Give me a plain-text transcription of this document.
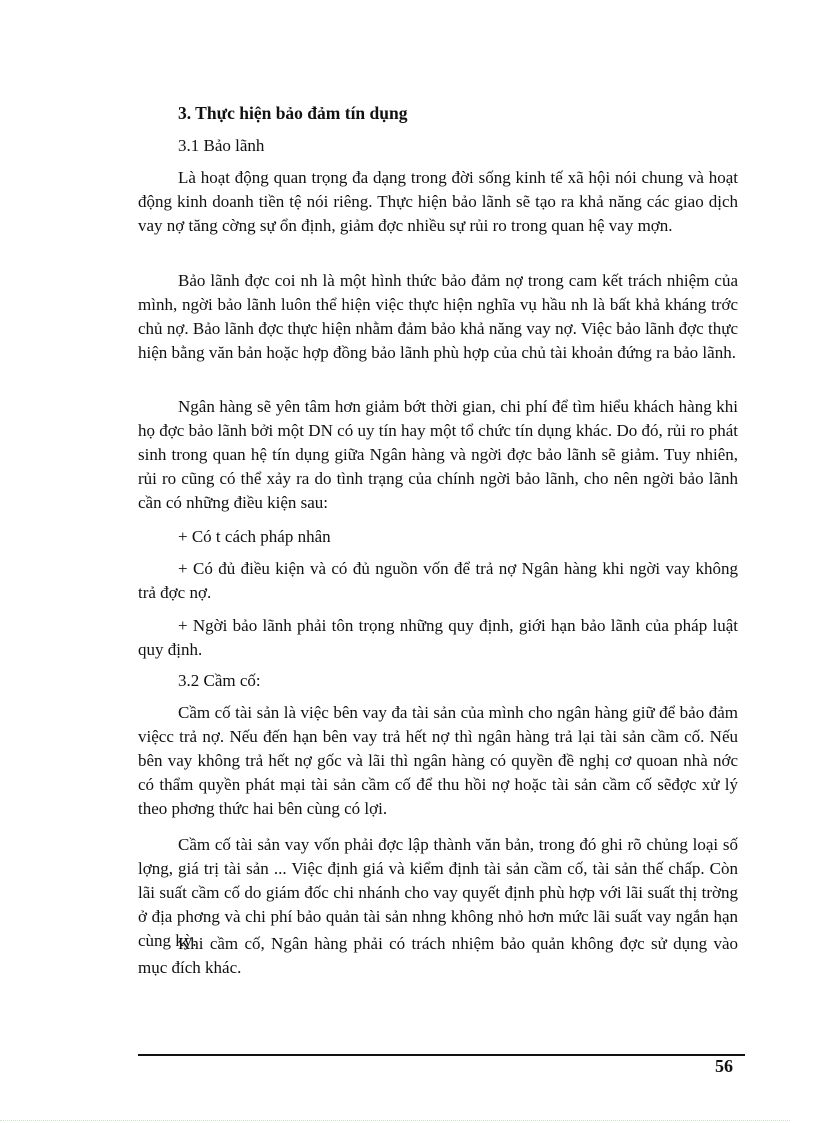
3. Thực hiện bảo đảm tín dụng

3.1 Bảo lãnh

Là hoạt động quan trọng đa dạng trong đời sống kinh tế xã hội nói chung và hoạt động kinh doanh tiền tệ nói riêng. Thực hiện bảo lãnh sẽ tạo ra khả năng các giao dịch vay nợ tăng cờng sự ổn định, giảm đợc nhiều sự rủi ro trong quan hệ vay mợn.

Bảo lãnh đợc coi nh là một hình thức bảo đảm nợ trong cam kết trách nhiệm của mình, ngời bảo lãnh luôn thể hiện việc thực hiện nghĩa vụ hầu nh là bất khả kháng trớc chủ nợ. Bảo lãnh đợc thực hiện nhằm đảm bảo khả năng vay nợ. Việc bảo lãnh đợc thực hiện bằng văn bản hoặc hợp đồng bảo lãnh phù hợp của chủ tài khoản đứng ra bảo lãnh.

Ngân hàng sẽ yên tâm hơn giảm bớt thời gian, chi phí để tìm hiểu khách hàng khi họ đợc bảo lãnh bởi một DN có uy tín hay một tổ chức tín dụng khác. Do đó, rủi ro phát sinh trong quan hệ tín dụng giữa Ngân hàng và ngời đợc bảo lãnh sẽ giảm. Tuy nhiên, rủi ro cũng có thể xảy ra do tình trạng của chính ngời bảo lãnh, cho nên ngời bảo lãnh cần có những điều kiện sau:

+ Có t cách pháp nhân

+ Có đủ điều kiện và có đủ nguồn vốn để trả nợ Ngân hàng khi ngời vay không trả đợc nợ.

+ Ngời bảo lãnh phải tôn trọng những quy định, giới hạn bảo lãnh của pháp luật quy định.

3.2 Cầm cố:

Cầm cố tài sản là việc bên vay đa tài sản của mình cho ngân hàng giữ để bảo đảm việcc trả nợ. Nếu đến hạn bên vay trả hết nợ thì ngân hàng trả lại tài sản cầm cố. Nếu bên vay không trả hết nợ gốc và lãi thì ngân hàng có quyền đề nghị cơ quoan nhà nớc có thẩm quyền phát mại tài sản cầm cố để thu hồi nợ hoặc tài sản cầm cố sẽđợc xử lý theo phơng thức hai bên cùng có lợi.

Cầm cố tài sản vay vốn phải đợc lập thành văn bản, trong đó ghi rõ chủng loại số lợng, giá trị tài sản ... Việc định giá và kiểm định tài sản cầm cố, tài sản thế chấp. Còn lãi suất cầm cố do giám đốc chi nhánh cho vay quyết định phù hợp với lãi suất thị trờng ở địa phơng và chi phí bảo quản tài sản nhng không nhỏ hơn mức lãi suất vay ngắn hạn cùng kỳ.

Khi cầm cố, Ngân hàng phải có trách nhiệm bảo quản không đợc sử dụng vào mục đích khác.

56
